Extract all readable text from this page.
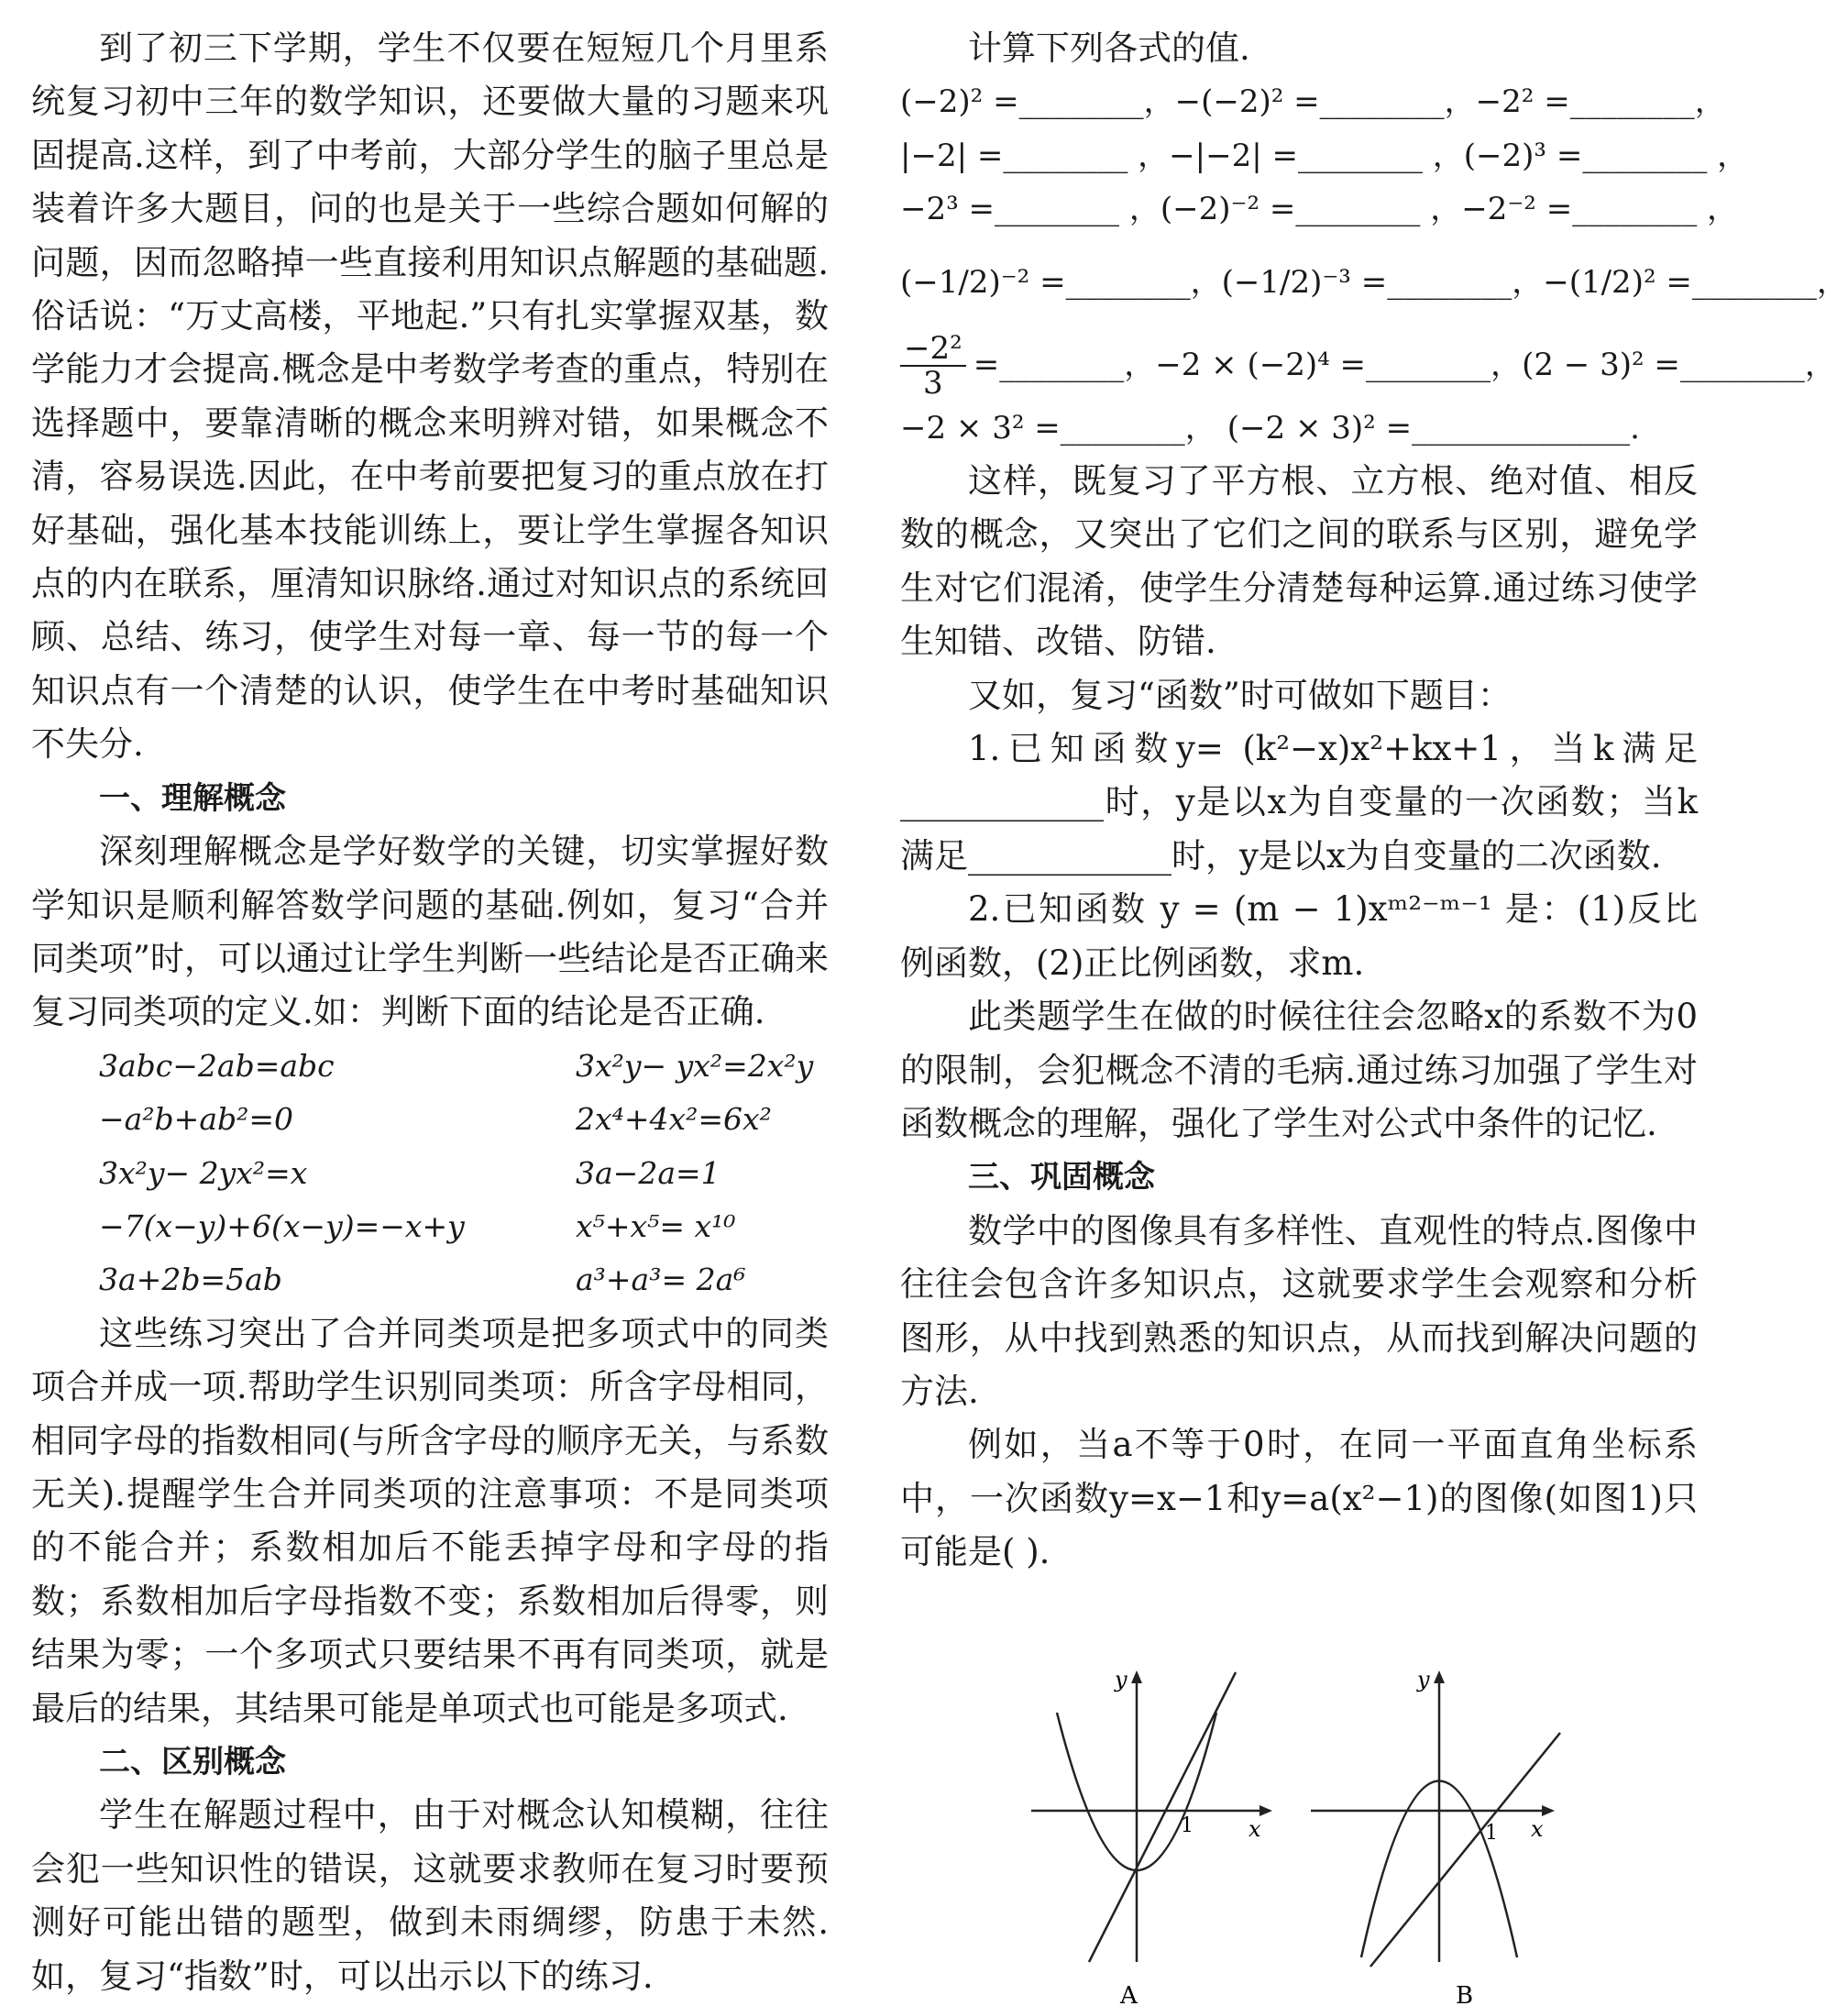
到了初三下学期，学生不仅要在短短几个月里系统复习初中三年的数学知识，还要做大量的习题来巩固提高.这样，到了中考前，大部分学生的脑子里总是装着许多大题目，问的也是关于一些综合题如何解的问题，因而忽略掉一些直接利用知识点解题的基础题.俗话说：“万丈高楼，平地起.”只有扎实掌握双基，数学能力才会提高.概念是中考数学考查的重点，特别在选择题中，要靠清晰的概念来明辨对错，如果概念不清，容易误选.因此，在中考前要把复习的重点放在打好基础，强化基本技能训练上，要让学生掌握各知识点的内在联系，厘清知识脉络.通过对知识点的系统回顾、总结、练习，使学生对每一章、每一节的每一个知识点有一个清楚的认识，使学生在中考时基础知识不失分.

一、理解概念

深刻理解概念是学好数学的关键，切实掌握好数学知识是顺利解答数学问题的基础.例如，复习“合并同类项”时，可以通过让学生判断一些结论是否正确来复习同类项的定义.如：判断下面的结论是否正确.

3abc−2ab=abc	3x²y− yx²=2x²y
−a²b+ab²=0	2x⁴+4x²=6x²
3x²y− 2yx²=x	3a−2a=1
−7(x−y)+6(x−y)=−x+y	x⁵+x⁵= x¹⁰
3a+2b=5ab	a³+a³= 2a⁶

这些练习突出了合并同类项是把多项式中的同类项合并成一项.帮助学生识别同类项：所含字母相同，相同字母的指数相同(与所含字母的顺序无关，与系数无关).提醒学生合并同类项的注意事项：不是同类项的不能合并；系数相加后不能丢掉字母和字母的指数；系数相加后字母指数不变；系数相加后得零，则结果为零；一个多项式只要结果不再有同类项，就是最后的结果，其结果可能是单项式也可能是多项式.

二、区别概念

学生在解题过程中，由于对概念认知模糊，往往会犯一些知识性的错误，这就要求教师在复习时要预测好可能出错的题型，做到未雨绸缪，防患于未然.如，复习“指数”时，可以出示以下的练习.

计算下列各式的值.

(−2)² =________， −(−2)² =________， −2² =________，
|−2| =________ ， −|−2| =________ ， (−2)³ =________ ，
−2³ =________ ， (−2)⁻² =________ ， −2⁻² =________ ，
(−1/2)⁻² =________， (−1/2)⁻³ =________， −(1/2)² =________，
$\frac{\text{−2²}}{3}$ =________， −2 × (−2)⁴ =________， (2 − 3)² =________，
−2 × 3² =________， (−2 × 3)² =______________.

这样，既复习了平方根、立方根、绝对值、相反数的概念，又突出了它们之间的联系与区别，避免学生对它们混淆，使学生分清楚每种运算.通过练习使学生知错、改错、防错.

又如，复习“函数”时可做如下题目：

1.已知函数y= (k²−x)x²+kx+1，当k满足____________时，y是以x为自变量的一次函数；当k满足____________时，y是以x为自变量的二次函数.

2.已知函数 y = (m − 1)xᵐ²⁻ᵐ⁻¹ 是：(1)反比例函数，(2)正比例函数，求m.

此类题学生在做的时候往往会忽略x的系数不为0的限制，会犯概念不清的毛病.通过练习加强了学生对函数概念的理解，强化了学生对公式中条件的记忆.

三、巩固概念

数学中的图像具有多样性、直观性的特点.图像中往往会包含许多知识点，这就要求学生会观察和分析图形，从中找到熟悉的知识点，从而找到解决问题的方法.

例如，当a不等于0时，在同一平面直角坐标系中，一次函数y=x−1和y=a(x²−1)的图像(如图1)只可能是( ).

y
x
1
A
y
x
1
B
